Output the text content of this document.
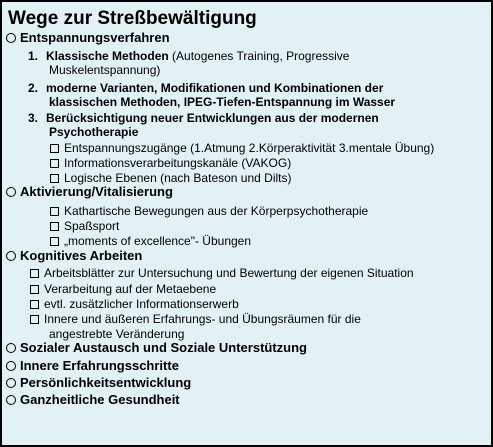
Wege zur Streßbewältigung
Entspannungsverfahren
1. Klassische Methoden (Autogenes Training, Progressive
Muskelentspannung)
2. moderne Varianten, Modifikationen und Kombinationen der
klassischen Methoden, IPEG-Tiefen-Entspannung im Wasser
3. Berücksichtigung neuer Entwicklungen aus der modernen
Psychotherapie
Entspannungszugänge (1.Atmung 2.Körperaktivität 3.mentale Übung)
Informationsverarbeitungskanäle (VAKOG)
Logische Ebenen (nach Bateson und Dilts)
Aktivierung/Vitalisierung
Kathartische Bewegungen aus der Körperpsychotherapie
Spaßsport
„moments of excellence"- Übungen
Kognitives Arbeiten
Arbeitsblätter zur Untersuchung und Bewertung der eigenen Situation
Verarbeitung auf der Metaebene
evtl. zusätzlicher Informationserwerb
Innere und äußeren Erfahrungs- und Übungsräumen für die
angestrebte Veränderung
Sozialer Austausch und Soziale Unterstützung
Innere Erfahrungsschritte
Persönlichkeitsentwicklung
Ganzheitliche Gesundheit
